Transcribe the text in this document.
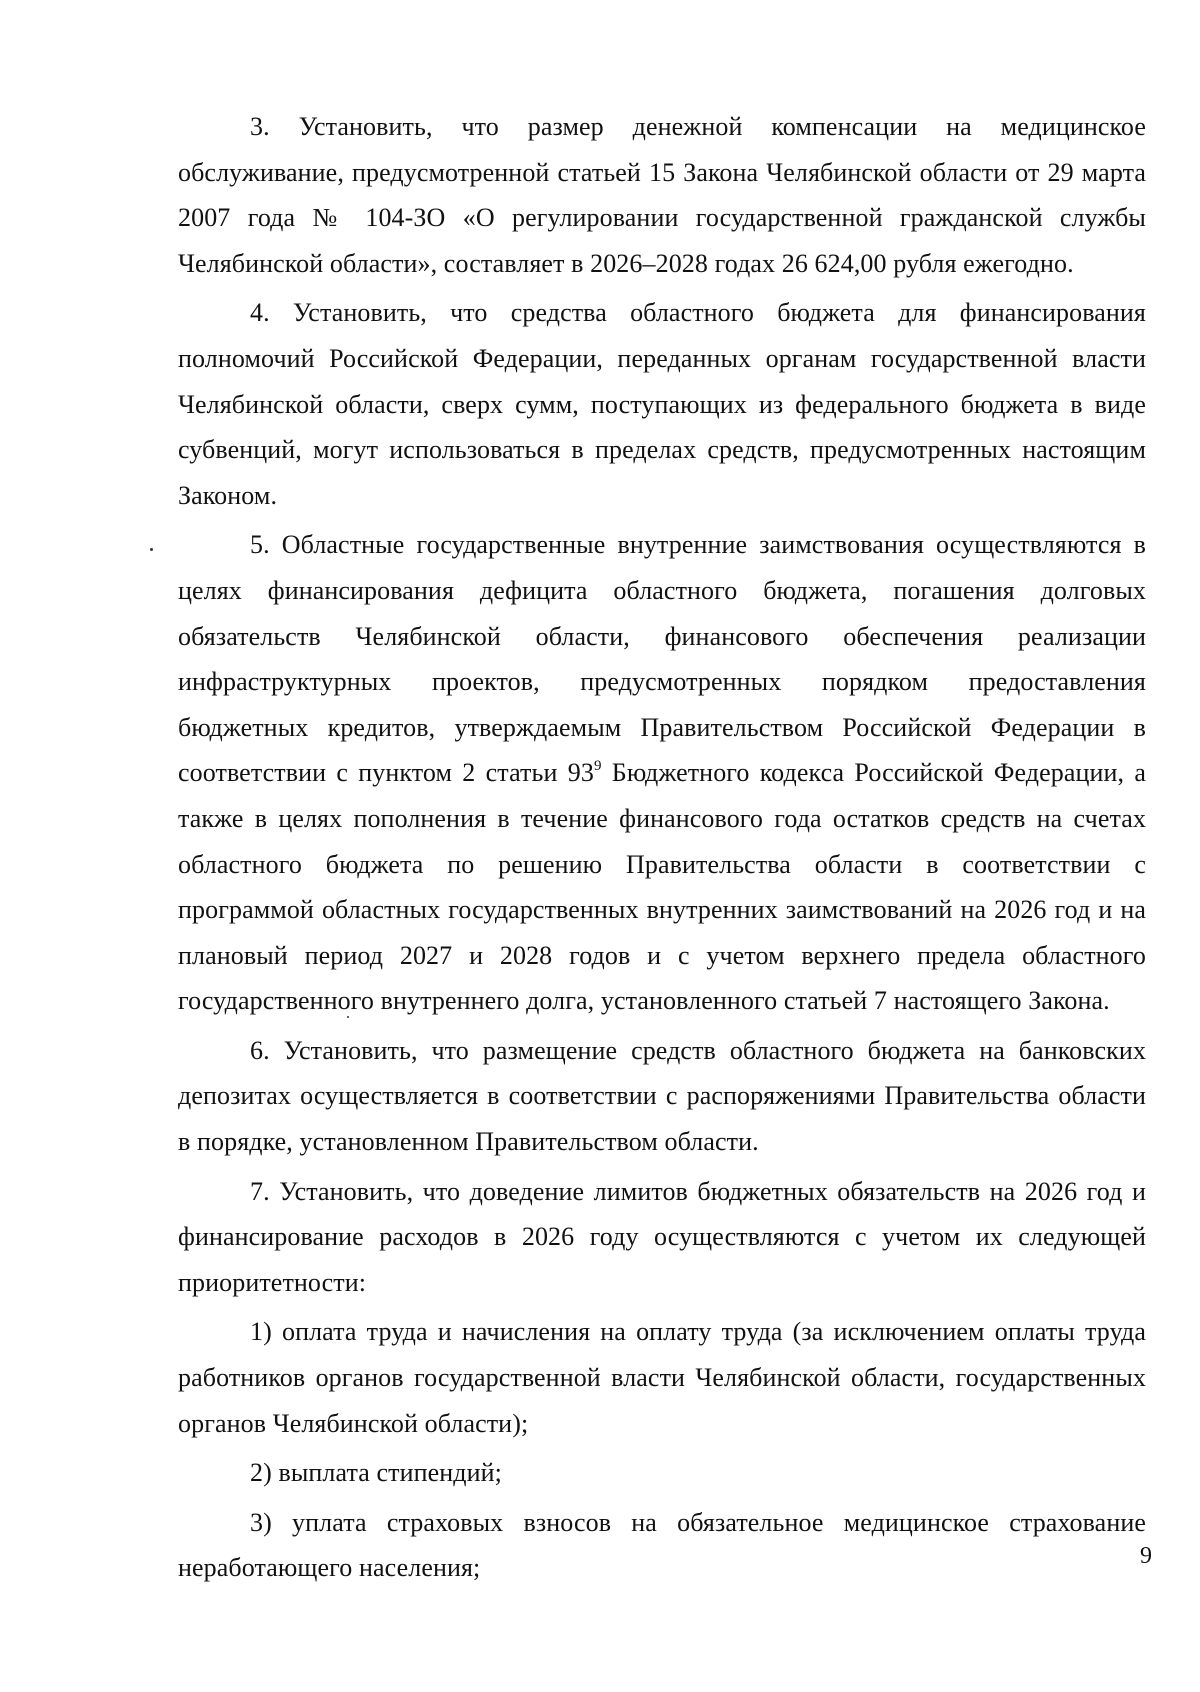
3. Установить, что размер денежной компенсации на медицинское обслуживание, предусмотренной статьей 15 Закона Челябинской области от 29 марта 2007 года № 104-ЗО «О регулировании государственной гражданской службы Челябинской области», составляет в 2026–2028 годах 26 624,00 рубля ежегодно.

4. Установить, что средства областного бюджета для финансирования полномочий Российской Федерации, переданных органам государственной власти Челябинской области, сверх сумм, поступающих из федерального бюджета в виде субвенций, могут использоваться в пределах средств, предусмотренных настоящим Законом.

5. Областные государственные внутренние заимствования осуществляются в целях финансирования дефицита областного бюджета, погашения долговых обязательств Челябинской области, финансового обеспечения реализации инфраструктурных проектов, предусмотренных порядком предоставления бюджетных кредитов, утверждаемым Правительством Российской Федерации в соответствии с пунктом 2 статьи $93^9$ Бюджетного кодекса Российской Федерации, а также в целях пополнения в течение финансового года остатков средств на счетах областного бюджета по решению Правительства области в соответствии с программой областных государственных внутренних заимствований на 2026 год и на плановый период 2027 и 2028 годов и с учетом верхнего предела областного государственного внутреннего долга, установленного статьей 7 настоящего Закона.

6. Установить, что размещение средств областного бюджета на банковских депозитах осуществляется в соответствии с распоряжениями Правительства области в порядке, установленном Правительством области.

7. Установить, что доведение лимитов бюджетных обязательств на 2026 год и финансирование расходов в 2026 году осуществляются с учетом их следующей приоритетности:

1) оплата труда и начисления на оплату труда (за исключением оплаты труда работников органов государственной власти Челябинской области, государственных органов Челябинской области);

2) выплата стипендий;

3) уплата страховых взносов на обязательное медицинское страхование неработающего населения;	9
